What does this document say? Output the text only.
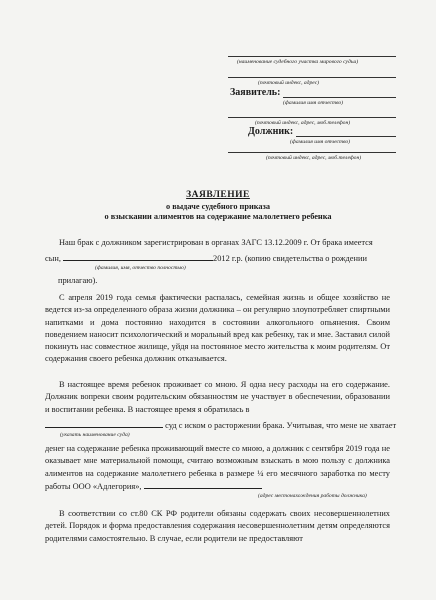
(наименование судебного участка мирового судьи)
(почтовый индекс, адрес)
Заявитель:
(фамилия имя отчество)
(почтовый индекс, адрес, моб.телефон)
Должник:
(фамилия имя отчество)
(почтовый индекс, адрес, моб.телефон)
ЗАЯВЛЕНИЕ
о выдаче судебного приказа
о взыскании алиментов на содержание малолетнего ребенка
Наш брак с должником зарегистрирован в органах ЗАГС 13.12.2009 г. От брака имеется
сын,	2012 г.р. (копию свидетельства о рождении
(фамилия, имя, отчество полностью)
прилагаю).

С апреля 2019 года семья фактически распалась, семейная жизнь и общее хозяйство не ведется из-за определенного образа жизни должника – он регулярно злоупотребляет спиртными напитками и дома постоянно находится в состоянии алкогольного опьянения. Своим поведением наносит психологический и моральный вред как ребенку, так и мне. Заставил силой покинуть нас совместное жилище, уйдя на постоянное место жительства к моим родителям. От содержания своего ребенка должник отказывается.

В настоящее время ребенок проживает со мною. Я одна несу расходы на его содержание. Должник вопреки своим родительским обязанностям не участвует в обеспечении, образовании и воспитании ребенка. В настоящее время я обратилась в

суд с иском о расторжении брака. Учитывая, что мене не хватает
(указать наименование суда)

денег на содержание ребенка проживающий вместе со мною, а должник с сентября 2019 года не оказывает мне материальной помощи, считаю возможным взыскать в мою пользу с должника алиментов на содержание малолетнего ребенка в размере ¼ его месячного заработка по месту работы ООО «Адлегория»,

(адрес местонахождения работы должника)

В соответствии со ст.80 СК РФ родители обязаны содержать своих несовершеннолетних детей. Порядок и форма предоставления содержания несовершеннолетним детям определяются родителями самостоятельно. В случае, если родители не предоставляют
